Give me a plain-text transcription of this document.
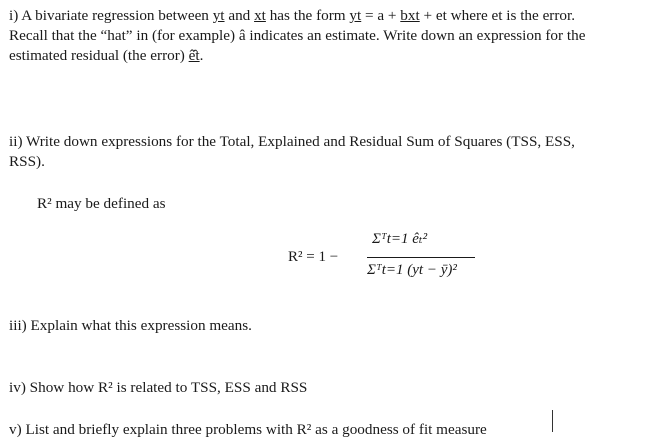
i) A bivariate regression between yt and xt has the form yt = a + bxt + et where et is the error.
Recall that the “hat” in (for example) â indicates an estimate. Write down an expression for the
estimated residual (the error) ê̂t.
ii) Write down expressions for the Total, Explained and Residual Sum of Squares (TSS, ESS,
RSS).
R² may be defined as
R² = 1 −
Σᵀt=1 êₜ²
Σᵀt=1 (yt − ȳ)²
iii) Explain what this expression means.
iv) Show how R² is related to TSS, ESS and RSS
v) List and briefly explain three problems with R² as a goodness of fit measure
